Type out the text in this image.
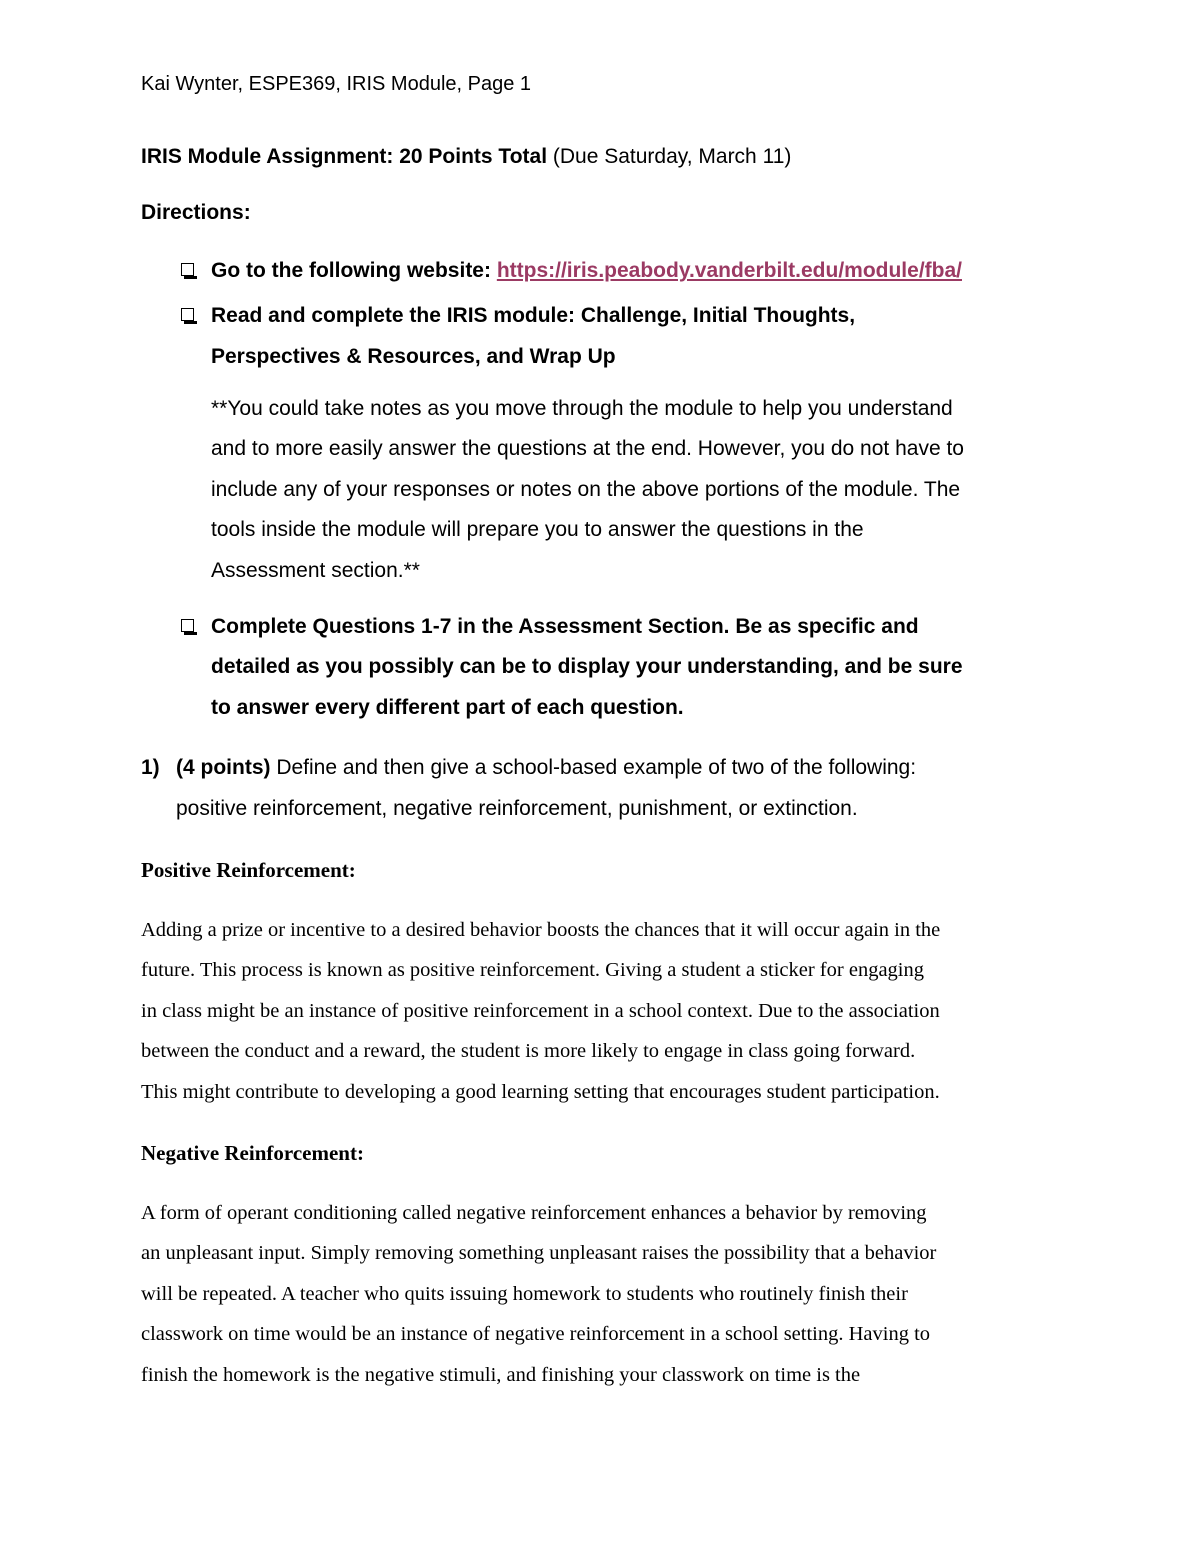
Kai Wynter, ESPE369, IRIS Module, Page 1

IRIS Module Assignment: 20 Points Total (Due Saturday, March 11)

Directions:

Go to the following website: https://iris.peabody.vanderbilt.edu/module/fba/

Read and complete the IRIS module: Challenge, Initial Thoughts,

Perspectives & Resources, and Wrap Up

**You could take notes as you move through the module to help you understand

and to more easily answer the questions at the end. However, you do not have to

include any of your responses or notes on the above portions of the module. The

tools inside the module will prepare you to answer the questions in the

Assessment section.**

Complete Questions 1-7 in the Assessment Section. Be as specific and

detailed as you possibly can be to display your understanding, and be sure

to answer every different part of each question.

1) (4 points) Define and then give a school-based example of two of the following:

positive reinforcement, negative reinforcement, punishment, or extinction.

Positive Reinforcement:

Adding a prize or incentive to a desired behavior boosts the chances that it will occur again in the

future. This process is known as positive reinforcement. Giving a student a sticker for engaging

in class might be an instance of positive reinforcement in a school context. Due to the association

between the conduct and a reward, the student is more likely to engage in class going forward.

This might contribute to developing a good learning setting that encourages student participation.

Negative Reinforcement:

A form of operant conditioning called negative reinforcement enhances a behavior by removing

an unpleasant input. Simply removing something unpleasant raises the possibility that a behavior

will be repeated. A teacher who quits issuing homework to students who routinely finish their

classwork on time would be an instance of negative reinforcement in a school setting. Having to

finish the homework is the negative stimuli, and finishing your classwork on time is the
